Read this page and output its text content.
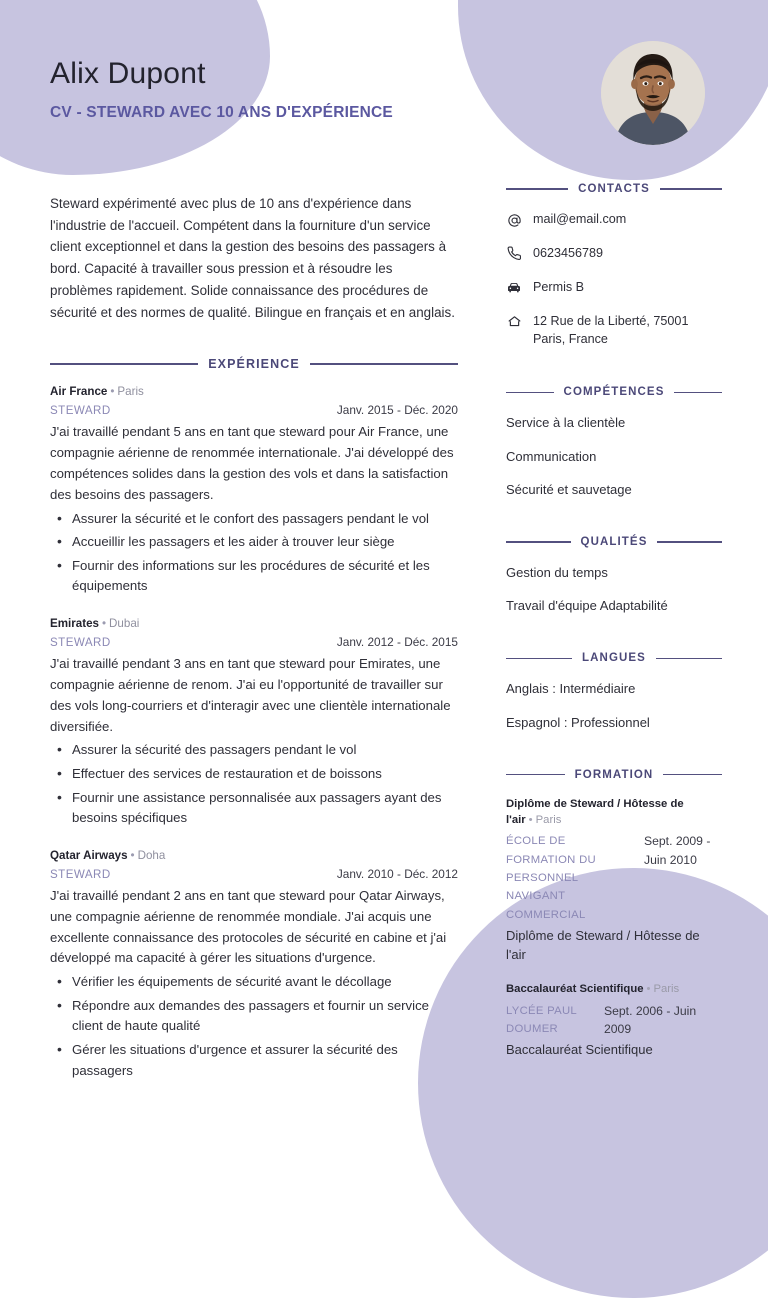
Alix Dupont
CV - STEWARD AVEC 10 ANS D'EXPÉRIENCE
Steward expérimenté avec plus de 10 ans d'expérience dans l'industrie de l'accueil. Compétent dans la fourniture d'un service client exceptionnel et dans la gestion des besoins des passagers à bord. Capacité à travailler sous pression et à résoudre les problèmes rapidement. Solide connaissance des procédures de sécurité et des normes de qualité. Bilingue en français et en anglais.
EXPÉRIENCE
Air France • Paris
STEWARD	Janv. 2015 - Déc. 2020
J'ai travaillé pendant 5 ans en tant que steward pour Air France, une compagnie aérienne de renommée internationale. J'ai développé des compétences solides dans la gestion des vols et dans la satisfaction des besoins des passagers.
• Assurer la sécurité et le confort des passagers pendant le vol
• Accueillir les passagers et les aider à trouver leur siège
• Fournir des informations sur les procédures de sécurité et les équipements
Emirates • Dubai
STEWARD	Janv. 2012 - Déc. 2015
J'ai travaillé pendant 3 ans en tant que steward pour Emirates, une compagnie aérienne de renom. J'ai eu l'opportunité de travailler sur des vols long-courriers et d'interagir avec une clientèle internationale diversifiée.
• Assurer la sécurité des passagers pendant le vol
• Effectuer des services de restauration et de boissons
• Fournir une assistance personnalisée aux passagers ayant des besoins spécifiques
Qatar Airways • Doha
STEWARD	Janv. 2010 - Déc. 2012
J'ai travaillé pendant 2 ans en tant que steward pour Qatar Airways, une compagnie aérienne de renommée mondiale. J'ai acquis une excellente connaissance des protocoles de sécurité en cabine et j'ai développé ma capacité à gérer les situations d'urgence.
• Vérifier les équipements de sécurité avant le décollage
• Répondre aux demandes des passagers et fournir un service client de haute qualité
• Gérer les situations d'urgence et assurer la sécurité des passagers
CONTACTS
mail@email.com
0623456789
Permis B
12 Rue de la Liberté, 75001 Paris, France
COMPÉTENCES
Service à la clientèle
Communication
Sécurité et sauvetage
QUALITÉS
Gestion du temps
Travail d'équipe Adaptabilité
LANGUES
Anglais : Intermédiaire
Espagnol : Professionnel
FORMATION
Diplôme de Steward / Hôtesse de l'air • Paris
ÉCOLE DE FORMATION DU PERSONNEL NAVIGANT COMMERCIAL
Sept. 2009 - Juin 2010
Diplôme de Steward / Hôtesse de l'air
Baccalauréat Scientifique • Paris
LYCÉE PAUL DOUMER
Sept. 2006 - Juin 2009
Baccalauréat Scientifique
